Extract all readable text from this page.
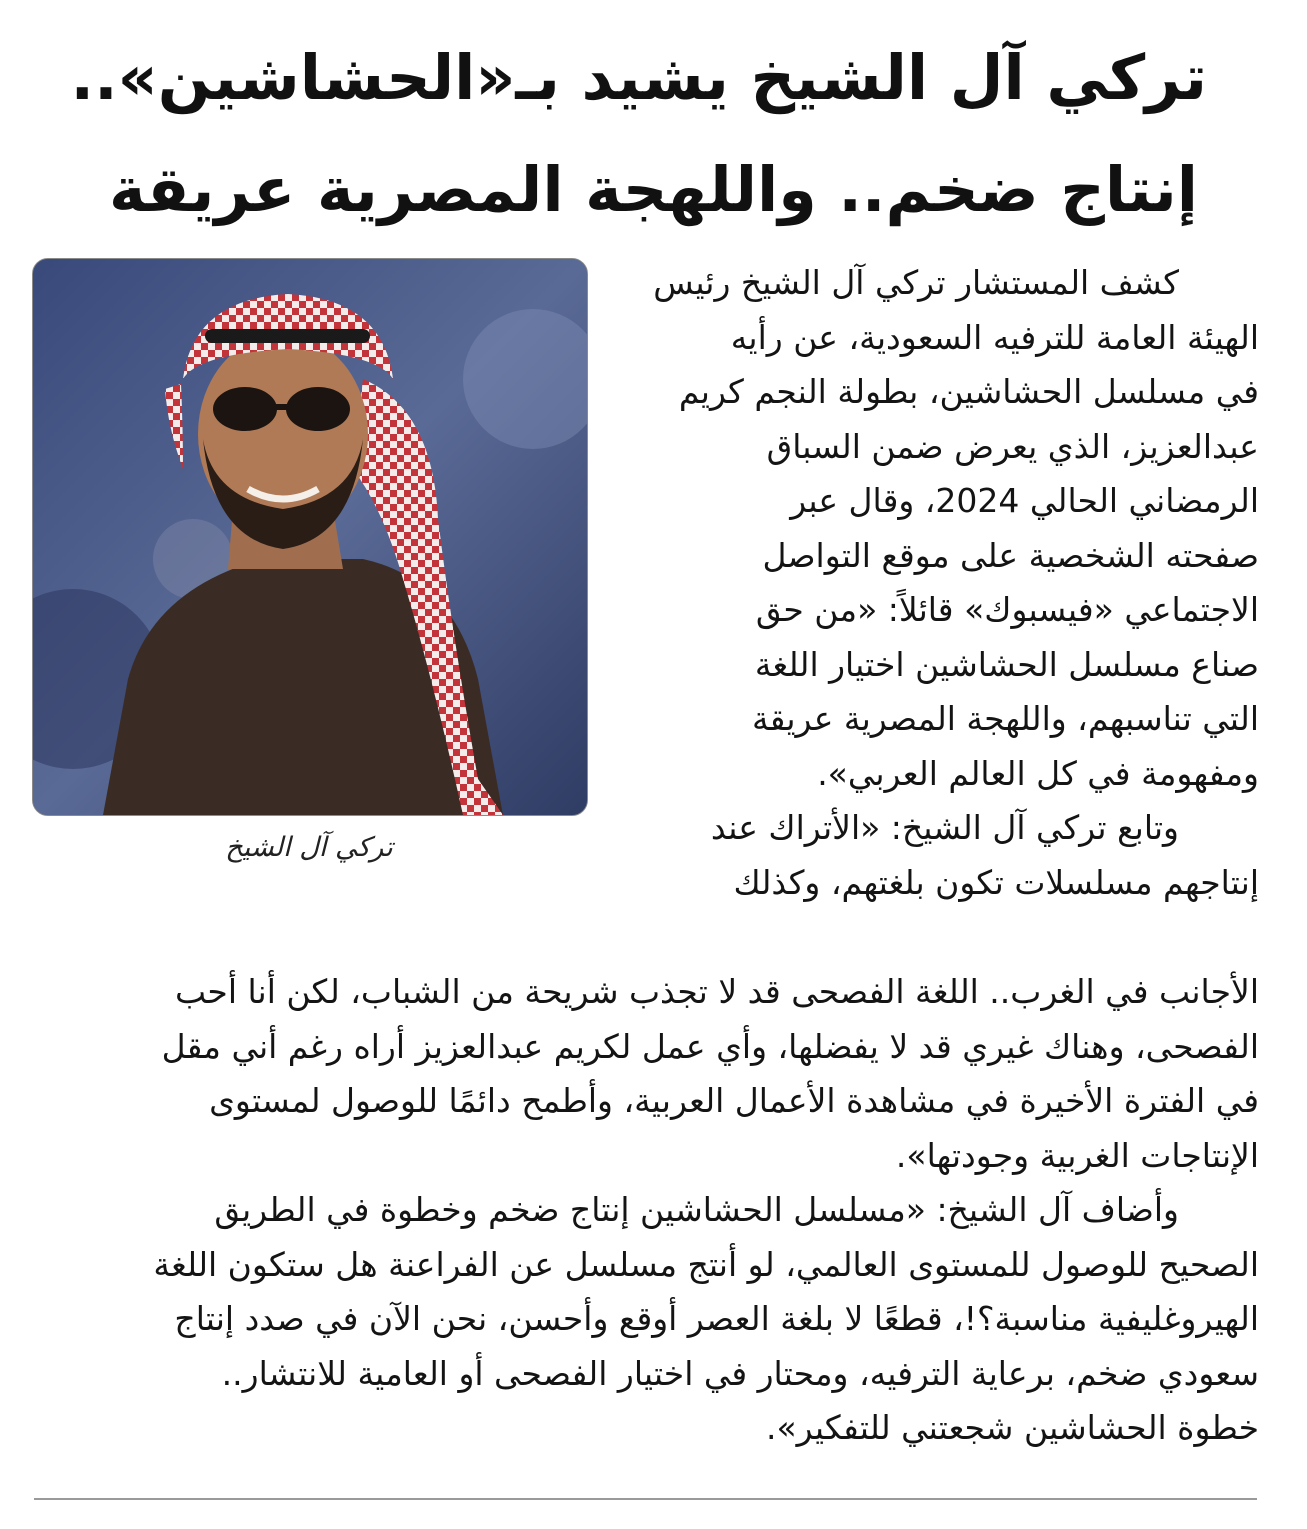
تركي آل الشيخ يشيد بـ«الحشاشين»..
إنتاج ضخم.. واللهجة المصرية عريقة
تركي آل الشيخ
كشف المستشار تركي آل الشيخ رئيس
الهيئة العامة للترفيه السعودية، عن رأيه
في مسلسل الحشاشين، بطولة النجم كريم
عبدالعزيز، الذي يعرض ضمن السباق
الرمضاني الحالي 2024، وقال عبر
صفحته الشخصية على موقع التواصل
الاجتماعي «فيسبوك» قائلاً: «من حق
صناع مسلسل الحشاشين اختيار اللغة
التي تناسبهم، واللهجة المصرية عريقة
ومفهومة في كل العالم العربي».
وتابع تركي آل الشيخ: «الأتراك عند
إنتاجهم مسلسلات تكون بلغتهم، وكذلك
الأجانب في الغرب.. اللغة الفصحى قد لا تجذب شريحة من الشباب، لكن أنا أحب
الفصحى، وهناك غيري قد لا يفضلها، وأي عمل لكريم عبدالعزيز أراه رغم أني مقل
في الفترة الأخيرة في مشاهدة الأعمال العربية، وأطمح دائمًا للوصول لمستوى
الإنتاجات الغربية وجودتها».
وأضاف آل الشيخ: «مسلسل الحشاشين إنتاج ضخم وخطوة في الطريق
الصحيح للوصول للمستوى العالمي، لو أنتج مسلسل عن الفراعنة هل ستكون اللغة
الهيروغليفية مناسبة؟!، قطعًا لا بلغة العصر أوقع وأحسن، نحن الآن في صدد إنتاج
سعودي ضخم، برعاية الترفيه، ومحتار في اختيار الفصحى أو العامية للانتشار..
خطوة الحشاشين شجعتني للتفكير».
